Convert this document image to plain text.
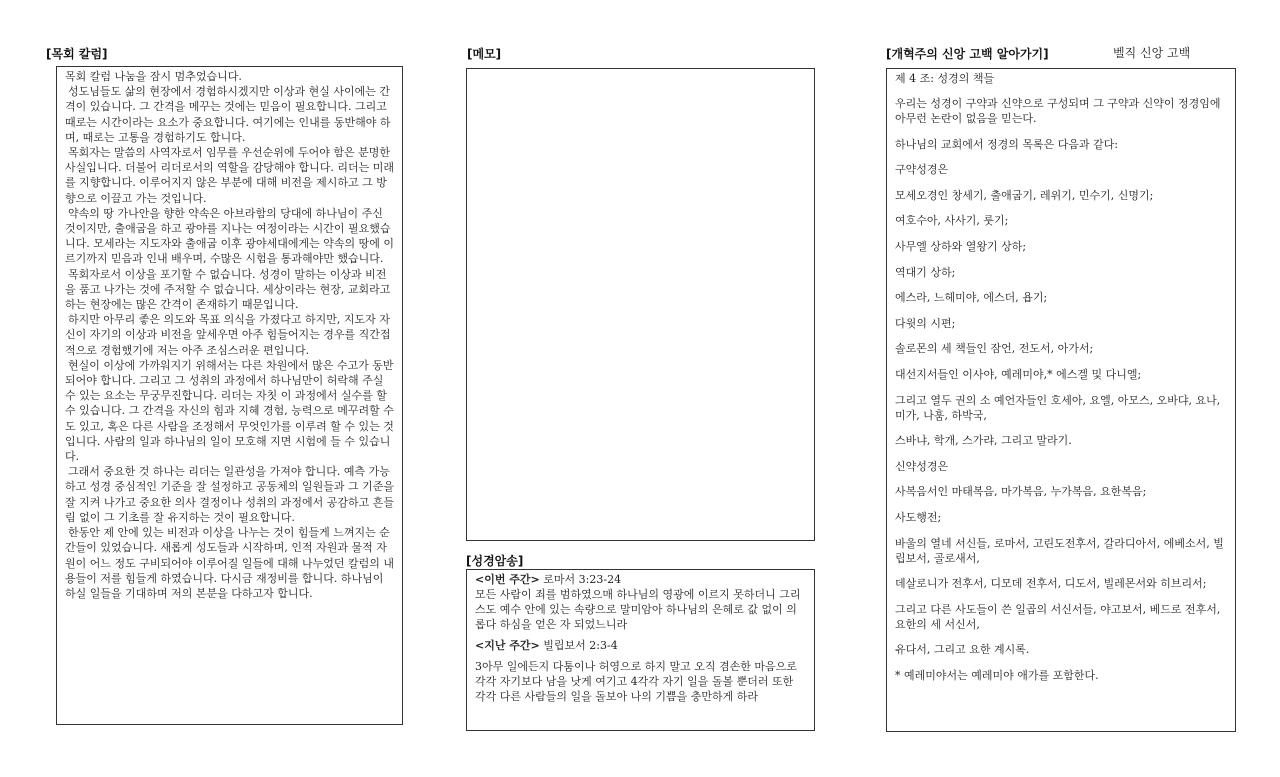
[목회 칼럼]

목회 칼럼 나눔을 잠시 멈추었습니다.

성도님들도 삶의 현장에서 경험하시겠지만 이상과 현실 사이에는 간격이 있습니다. 그 간격을 메꾸는 것에는 믿음이 필요합니다. 그리고 때로는 시간이라는 요소가 중요합니다. 여기에는 인내를 동반해야 하며, 때로는 고통을 경험하기도 합니다.

목회자는 말씀의 사역자로서 임무를 우선순위에 두어야 함은 분명한 사실입니다. 더불어 리더로서의 역할을 감당해야 합니다. 리더는 미래를 지향합니다. 이루어지지 않은 부분에 대해 비전을 제시하고 그 방향으로 이끌고 가는 것입니다.

약속의 땅 가나안을 향한 약속은 아브라함의 당대에 하나님이 주신 것이지만, 출애굽을 하고 광야를 지나는 여정이라는 시간이 필요했습니다. 모세라는 지도자와 출애굽 이후 광야세대에게는 약속의 땅에 이르기까지 믿음과 인내 배우며, 수많은 시험을 통과해야만 했습니다.

목회자로서 이상을 포기할 수 없습니다. 성경이 말하는 이상과 비전을 품고 나가는 것에 주저할 수 없습니다. 세상이라는 현장, 교회라고 하는 현장에는 많은 간격이 존재하기 때문입니다.

하지만 아무리 좋은 의도와 목표 의식을 가졌다고 하지만, 지도자 자신이 자기의 이상과 비전을 앞세우면 아주 힘들어지는 경우를 직간접적으로 경험했기에 저는 아주 조심스러운 편입니다.

현실이 이상에 가까워지기 위해서는 다른 차원에서 많은 수고가 동반되어야 합니다. 그리고 그 성취의 과정에서 하나님만이 허락해 주실 수 있는 요소는 무궁무진합니다. 리더는 자칫 이 과정에서 실수를 할 수 있습니다. 그 간격을 자신의 힘과 지혜 경험, 능력으로 메꾸려할 수도 있고, 혹은 다른 사람을 조정해서 무엇인가를 이루려 할 수 있는 것입니다. 사람의 일과 하나님의 일이 모호해 지면 시험에 들 수 있습니다.

그래서 중요한 것 하나는 리더는 일관성을 가져야 합니다. 예측 가능하고 성경 중심적인 기준을 잘 설정하고 공동체의 일원들과 그 기준을 잘 지켜 나가고 중요한 의사 결정이나 성취의 과정에서 공감하고 흔들림 없이 그 기초를 잘 유지하는 것이 필요합니다.

한동안 제 안에 있는 비전과 이상을 나누는 것이 힘들게 느껴지는 순간들이 있었습니다. 새롭게 성도들과 시작하며, 인적 자원과 물적 자원이 어느 정도 구비되어야 이루어질 일들에 대해 나누었던 칼럼의 내용들이 저를 힘들게 하였습니다. 다시금 재정비를 합니다. 하나님이 하실 일들을 기대하며 저의 본분을 다하고자 합니다.

[메모]
[성경암송]
<이번 주간> 로마서 3:23-24
모든 사람이 죄를 범하였으매 하나님의 영광에 이르지 못하더니 그리스도 예수 안에 있는 속량으로 말미암아 하나님의 은혜로 값 없이 의롭다 하심을 얻은 자 되었느니라
<지난 주간> 빌립보서 2:3-4
3아무 일에든지 다툼이나 허영으로 하지 말고 오직 겸손한 마음으로 각각 자기보다 남을 낫게 여기고 4각각 자기 일을 돌볼 뿐더러 또한 각각 다른 사람들의 일을 돌보아 나의 기쁨을 충만하게 하라
[개혁주의 신앙 고백 알아가기]	벨직 신앙 고백

제 4 조: 성경의 책들

우리는 성경이 구약과 신약으로 구성되며 그 구약과 신약이 정경임에 아무런 논란이 없음을 믿는다.

하나님의 교회에서 정경의 목록은 다음과 같다:

구약성경은

모세오경인 창세기, 출애굽기, 레위기, 민수기, 신명기;

여호수아, 사사기, 룻기;

사무엘 상하와 열왕기 상하;

역대기 상하;

에스라, 느헤미야, 에스더, 욥기;

다윗의 시편;

솔로몬의 세 책들인 잠언, 전도서, 아가서;

대선지서들인 이사야, 예레미야,* 에스겔 및 다니엘;

그리고 열두 권의 소 예언자들인 호세아, 요엘, 아모스, 오바댜, 요나, 미가, 나훔, 하박국,

스바냐, 학개, 스가랴, 그리고 말라기.

신약성경은

사복음서인 마태복음, 마가복음, 누가복음, 요한복음;

사도행전;

바울의 열네 서신들, 로마서, 고린도전후서, 갈라디아서, 에베소서, 빌립보서, 골로새서,

데살로니가 전후서, 디모데 전후서, 디도서, 빌레몬서와 히브리서;

그리고 다른 사도들이 쓴 일곱의 서신서들, 야고보서, 베드로 전후서, 요한의 세 서신서,

유다서, 그리고 요한 계시록.

* 예레미야서는 예레미야 애가를 포함한다.
